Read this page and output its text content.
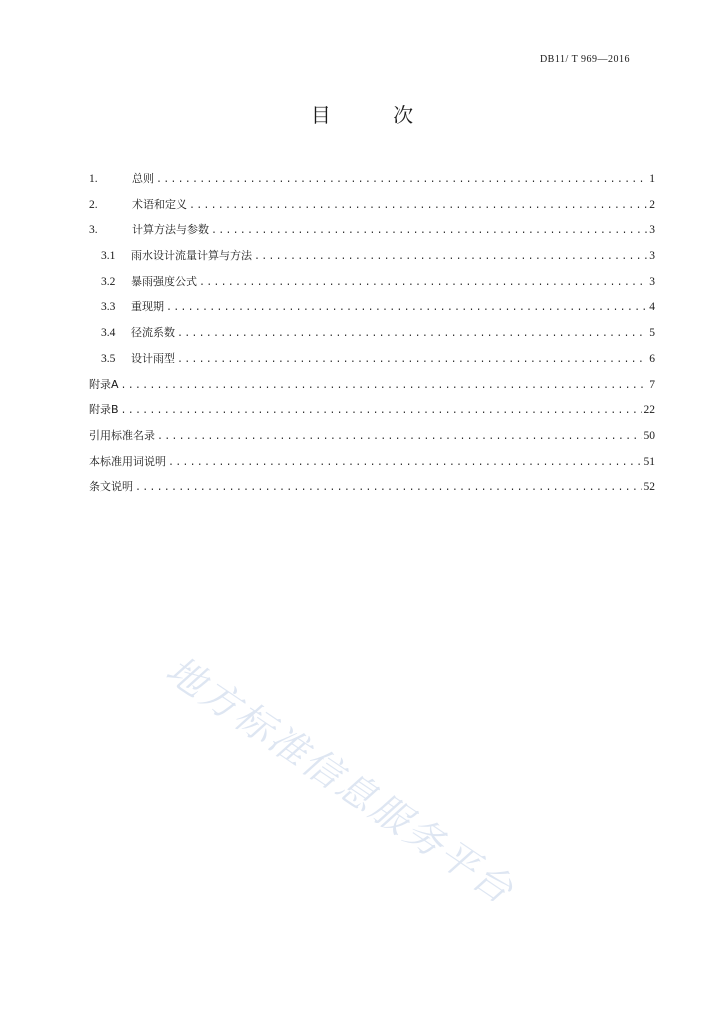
DB11/ T 969—2016
目 次
1.	总则 .....	1
2.	术语和定义 .....	2
3.	计算方法与参数 .....	3
3.1	雨水设计流量计算与方法 .....	3
3.2	暴雨强度公式 .....	3
3.3	重现期 .....	4
3.4	径流系数 .....	5
3.5	设计雨型 .....	6
附录A .....	7
附录B .....	22
引用标准名录 .....	50
本标准用词说明 .....	51
条文说明 .....	52
地方标准信息服务平台
